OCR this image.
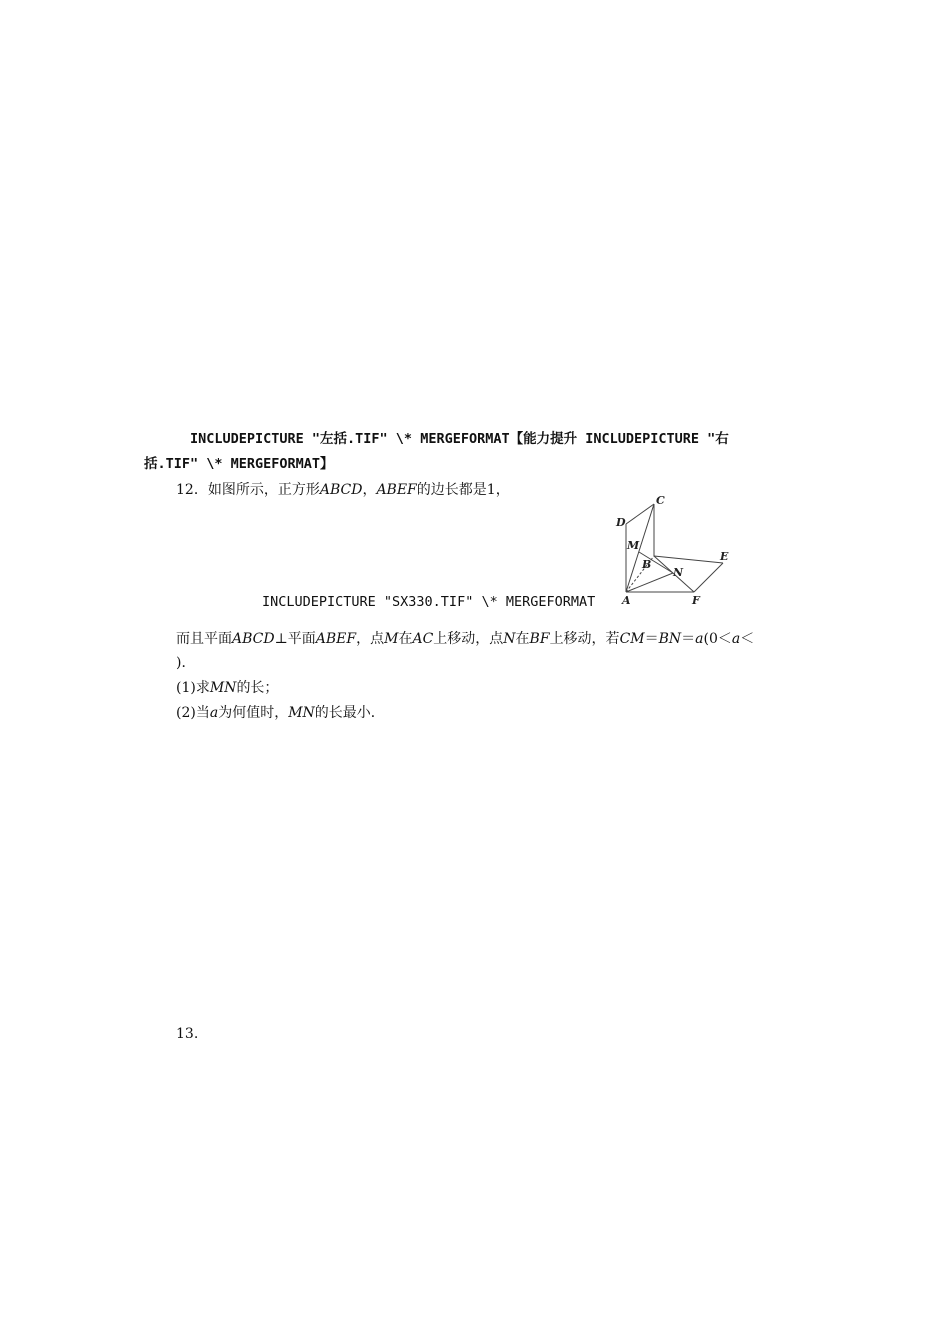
INCLUDEPICTURE "左括.TIF" \* MERGEFORMAT【能力提升 INCLUDEPICTURE "右
括.TIF" \* MERGEFORMAT】
12．如图所示，正方形ABCD，ABEF的边长都是1，
INCLUDEPICTURE "SX330.TIF" \* MERGEFORMAT
C
D
M
B
N
E
A	F
而且平面ABCD⊥平面ABEF，点M在AC上移动，点N在BF上移动，若CM＝BN＝a(0＜a＜
)．
(1)求MN的长；
(2)当a为何值时，MN的长最小．
13.
